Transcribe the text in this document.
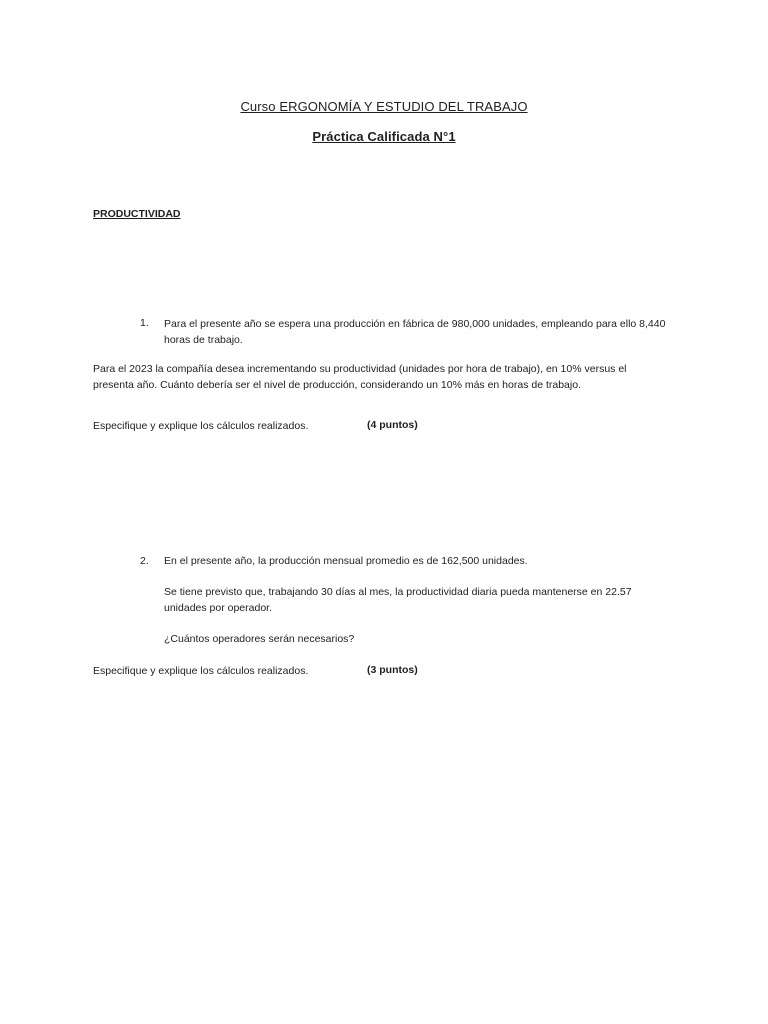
Curso ERGONOMÍA Y ESTUDIO DEL TRABAJO
Práctica Calificada N°1
PRODUCTIVIDAD
1. Para el presente año se espera una producción en fábrica de 980,000 unidades, empleando para ello 8,440 horas de trabajo.
Para el 2023 la compañía desea incrementando su productividad (unidades por hora de trabajo), en 10% versus el presenta año. Cuánto debería ser el nivel de producción, considerando un 10% más en horas de trabajo.
Especifique y explique los cálculos realizados.	(4 puntos)
2. En el presente año, la producción mensual promedio es de 162,500 unidades.
Se tiene previsto que, trabajando 30 días al mes, la productividad diaria pueda mantenerse en 22.57 unidades por operador.
¿Cuántos operadores serán necesarios?
Especifique y explique los cálculos realizados.	(3 puntos)
